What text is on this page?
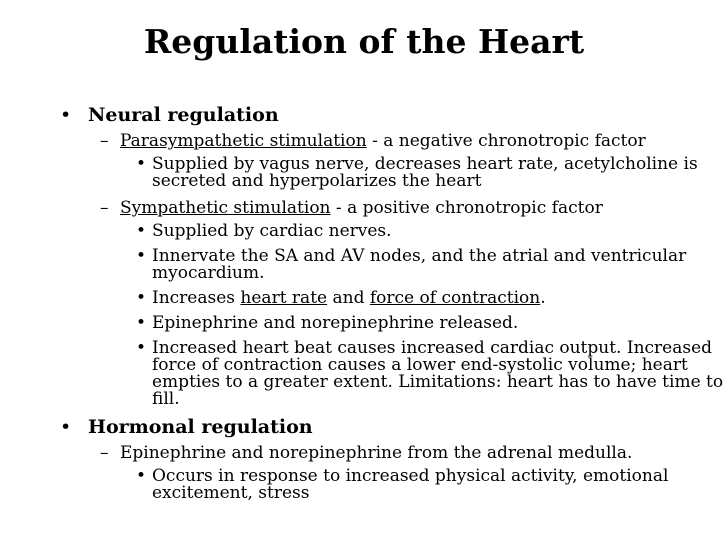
Regulation of the Heart
• Neural regulation
– Parasympathetic stimulation - a negative chronotropic factor
• Supplied by vagus nerve, decreases heart rate, acetylcholine is secreted and hyperpolarizes the heart
– Sympathetic stimulation - a positive chronotropic factor
• Supplied by cardiac nerves.
• Innervate the SA and AV nodes, and the atrial and ventricular myocardium.
• Increases heart rate and force of contraction.
• Epinephrine and norepinephrine released.
• Increased heart beat causes increased cardiac output. Increased force of contraction causes a lower end-systolic volume; heart empties to a greater extent. Limitations: heart has to have time to fill.
• Hormonal regulation
– Epinephrine and norepinephrine from the adrenal medulla.
• Occurs in response to increased physical activity, emotional excitement, stress
